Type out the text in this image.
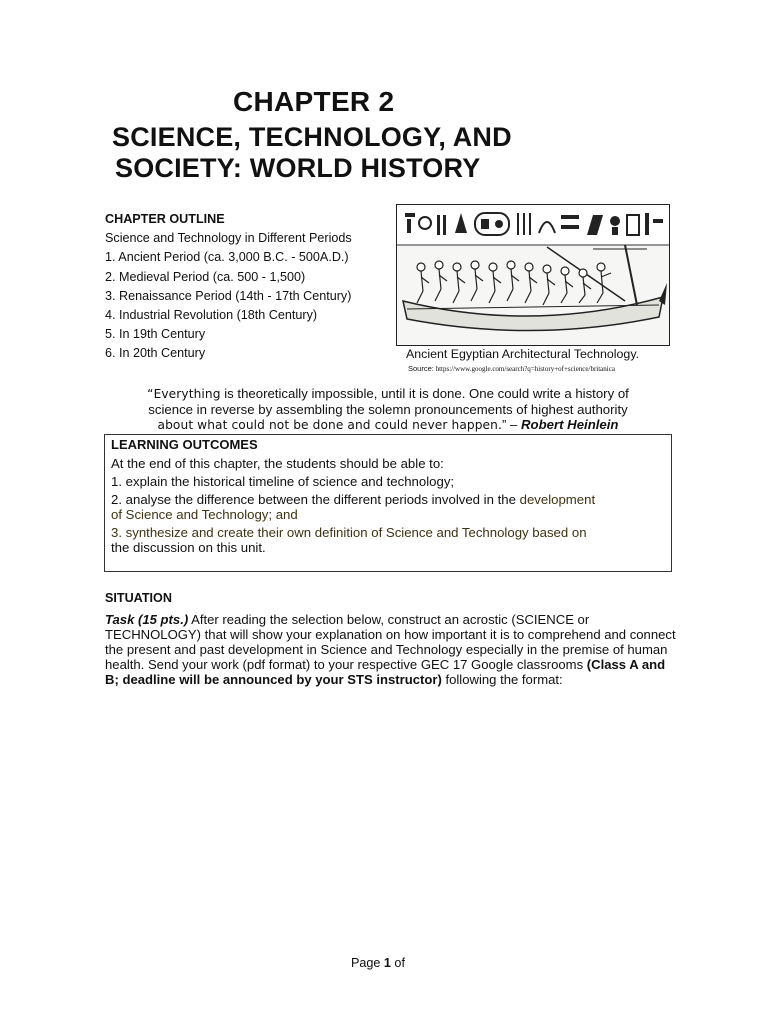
CHAPTER 2
SCIENCE, TECHNOLOGY, AND
SOCIETY: WORLD HISTORY
CHAPTER OUTLINE
Science and Technology in Different Periods
1. Ancient Period (ca. 3,000 B.C. - 500A.D.)
2. Medieval Period (ca. 500 - 1,500)
3. Renaissance Period (14th - 17th Century)
4. Industrial Revolution (18th Century)
5. In 19th Century
6. In 20th Century	Ancient Egyptian Architectural Technology.
Source: https://www.google.com/search?q=history+of+science/britanica
“Everything is theoretically impossible, until it is done. One could write a history of
science in reverse by assembling the solemn pronouncements of highest authority
about what could not be done and could never happen.” – Robert Heinlein
LEARNING OUTCOMES
At the end of this chapter, the students should be able to:
1. explain the historical timeline of science and technology;
2. analyse the difference between the different periods involved in the development
of Science and Technology; and
3. synthesize and create their own definition of Science and Technology based on
the discussion on this unit.
SITUATION
Task (15 pts.) After reading the selection below, construct an acrostic (SCIENCE or TECHNOLOGY) that will show your explanation on how important it is to comprehend and connect the present and past development in Science and Technology especially in the premise of human health. Send your work (pdf format) to your respective GEC 17 Google classrooms (Class A and B; deadline will be announced by your STS instructor) following the format:
Page 1 of
